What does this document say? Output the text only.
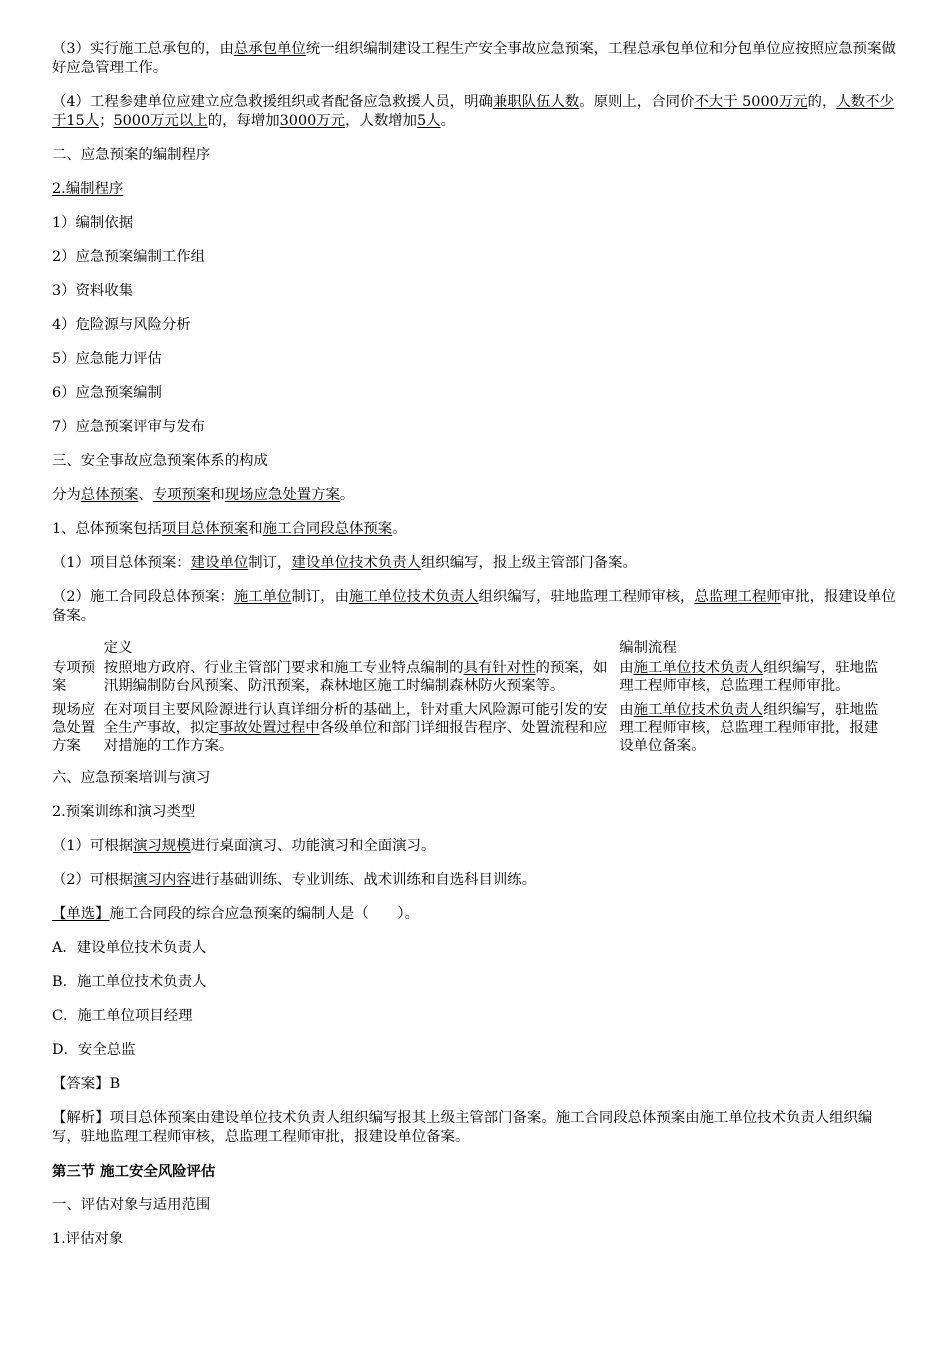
（3）实行施工总承包的，由总承包单位统一组织编制建设工程生产安全事故应急预案，工程总承包单位和分包单位应按照应急预案做好应急管理工作。

（4）工程参建单位应建立应急救援组织或者配备应急救援人员，明确兼职队伍人数。原则上，合同价不大于 5000万元的，人数不少于15人；5000万元以上的，每增加3000万元，人数增加5人。

二、应急预案的编制程序

2.编制程序

1）编制依据

2）应急预案编制工作组

3）资料收集

4）危险源与风险分析

5）应急能力评估

6）应急预案编制

7）应急预案评审与发布

三、安全事故应急预案体系的构成

分为总体预案、专项预案和现场应急处置方案。

1、总体预案包括项目总体预案和施工合同段总体预案。

（1）项目总体预案：建设单位制订，建设单位技术负责人组织编写，报上级主管部门备案。

（2）施工合同段总体预案：施工单位制订，由施工单位技术负责人组织编写，驻地监理工程师审核，总监理工程师审批，报建设单位备案。

	定义	编制流程
专项预案	按照地方政府、行业主管部门要求和施工专业特点编制的具有针对性的预案，如汛期编制防台风预案、防汛预案，森林地区施工时编制森林防火预案等。	由施工单位技术负责人组织编写，驻地监理工程师审核，总监理工程师审批。
现场应急处置方案	在对项目主要风险源进行认真详细分析的基础上，针对重大风险源可能引发的安全生产事故，拟定事故处置过程中各级单位和部门详细报告程序、处置流程和应对措施的工作方案。	由施工单位技术负责人组织编写，驻地监理工程师审核，总监理工程师审批，报建设单位备案。

六、应急预案培训与演习

2.预案训练和演习类型

（1）可根据演习规模进行桌面演习、功能演习和全面演习。

（2）可根据演习内容进行基础训练、专业训练、战术训练和自选科目训练。

【单选】施工合同段的综合应急预案的编制人是（　　）。

A．建设单位技术负责人

B．施工单位技术负责人

C．施工单位项目经理

D．安全总监

【答案】B

【解析】项目总体预案由建设单位技术负责人组织编写报其上级主管部门备案。施工合同段总体预案由施工单位技术负责人组织编写，驻地监理工程师审核，总监理工程师审批，报建设单位备案。

第三节 施工安全风险评估

一、评估对象与适用范围

1.评估对象
